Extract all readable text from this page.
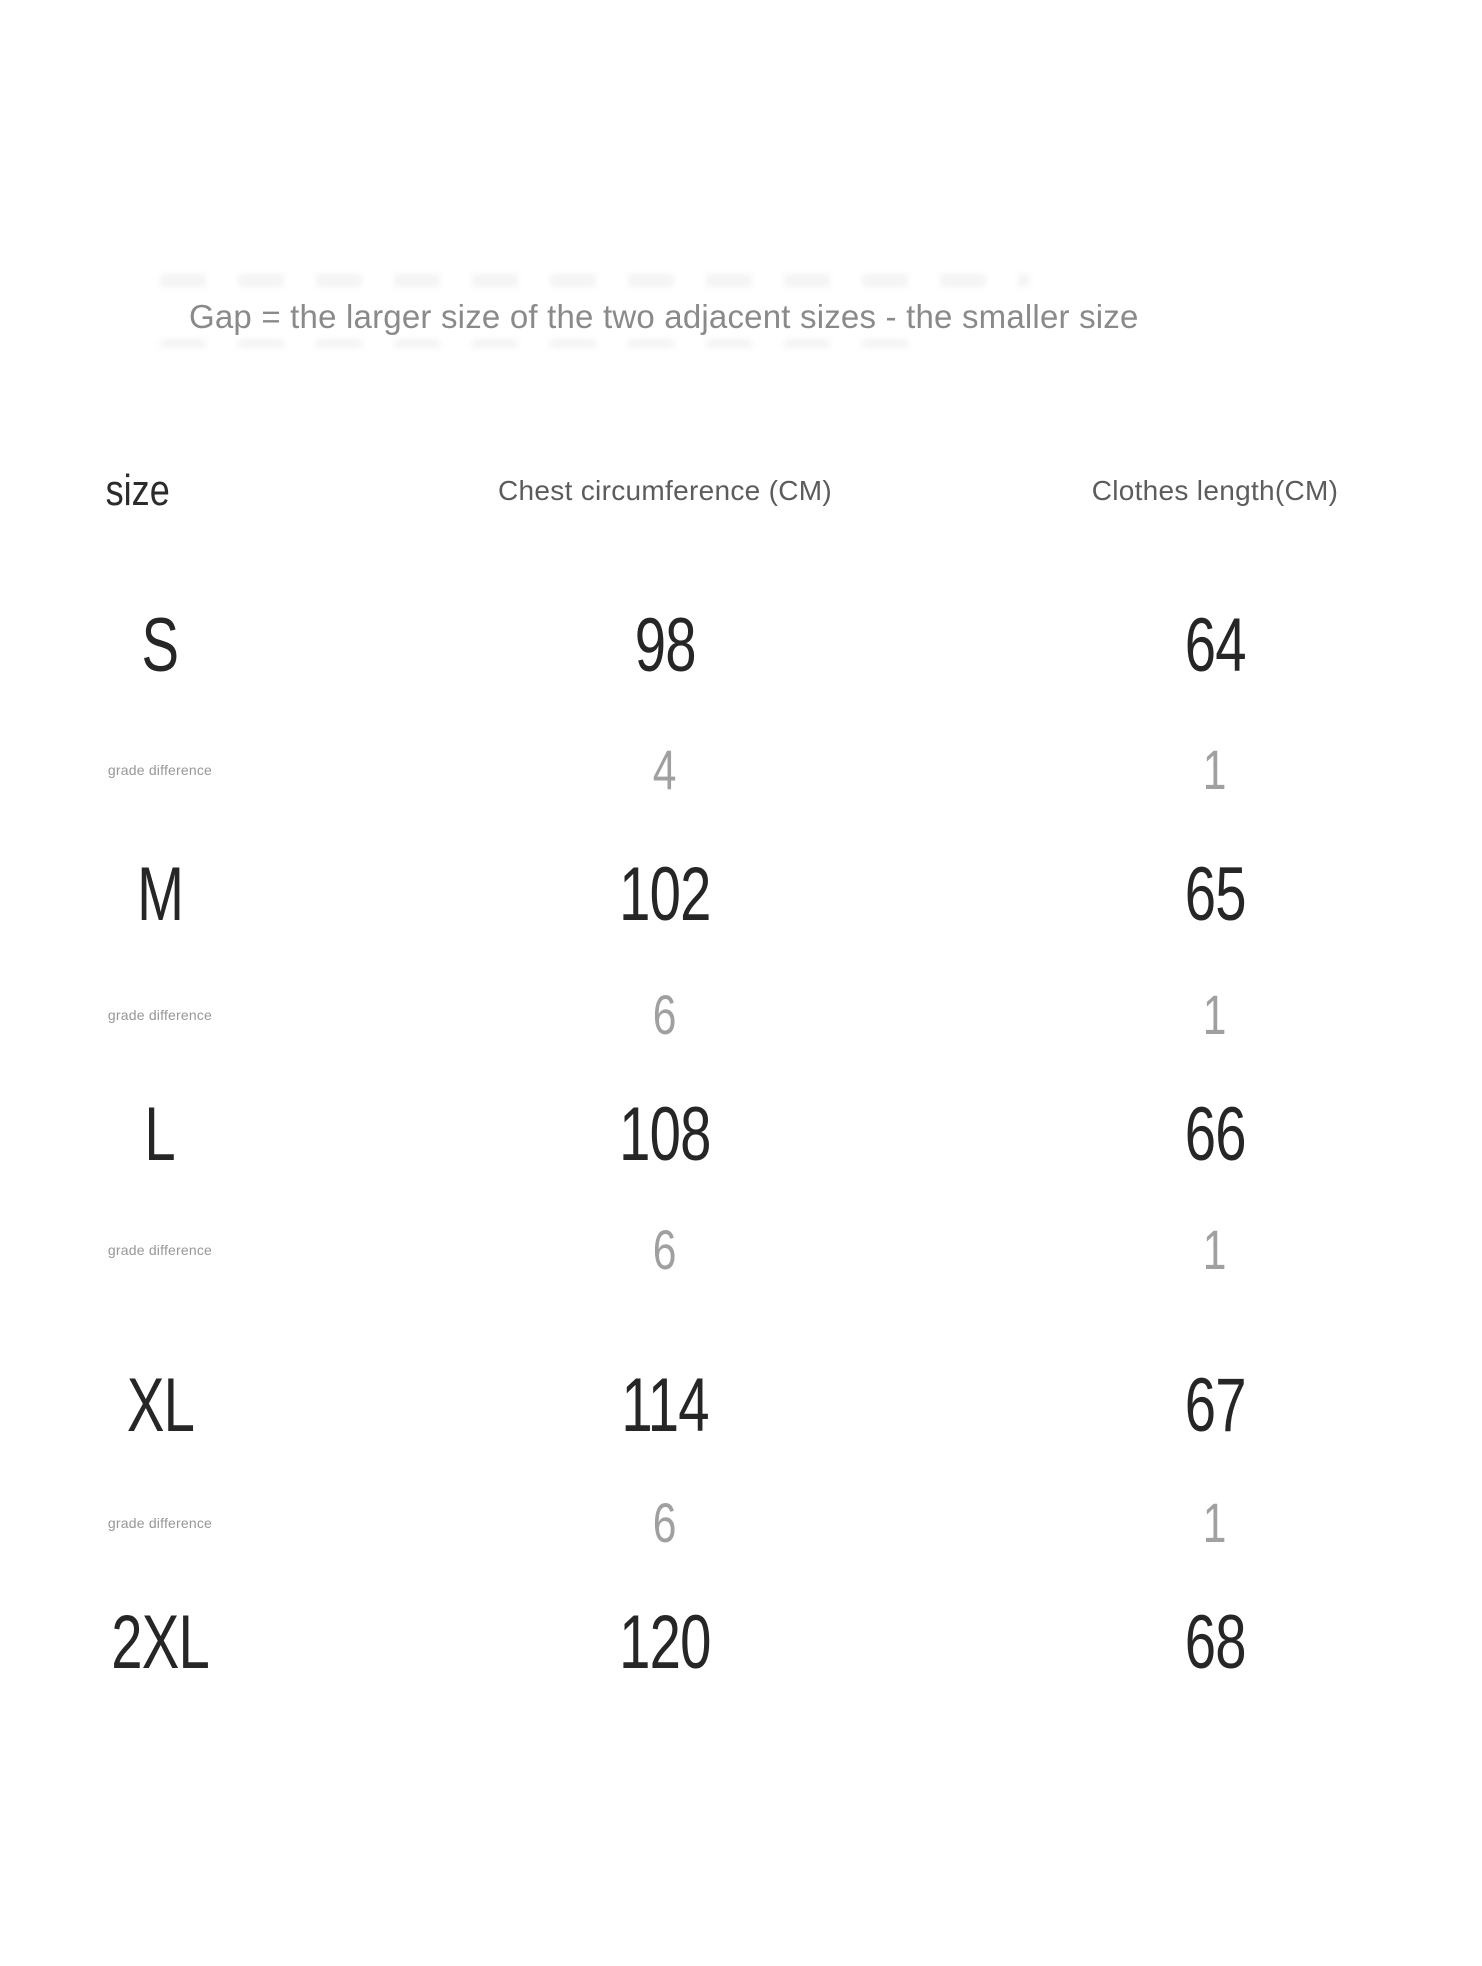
Gap = the larger size of the two adjacent sizes - the smaller size
size	Chest circumference (CM)	Clothes length(CM)
S	98	64
grade difference	4	1
M	102	65
grade difference	6	1
L	108	66
grade difference	6	1
XL	114	67
grade difference	6	1
2XL	120	68
